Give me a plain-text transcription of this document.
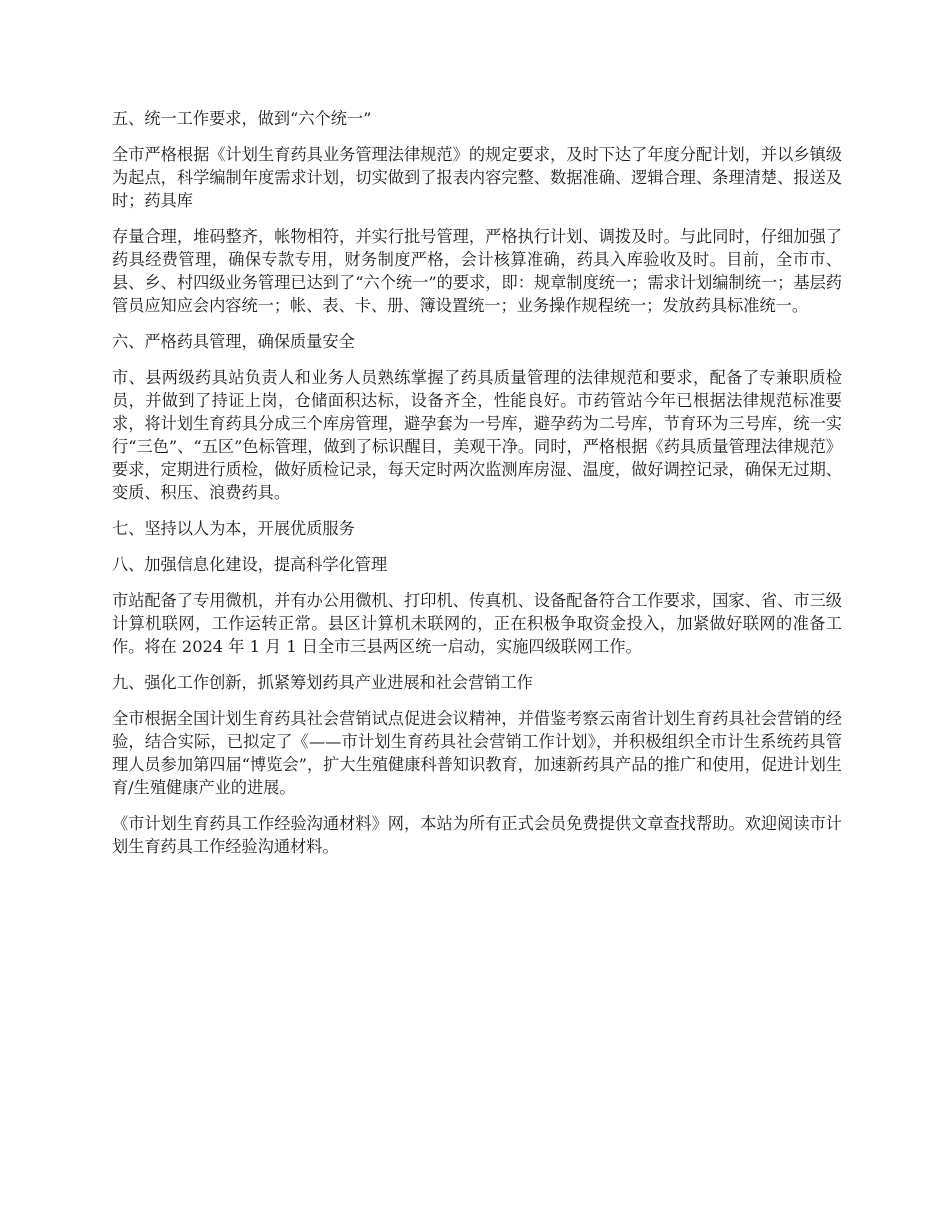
五、统一工作要求，做到“六个统一”

全市严格根据《计划生育药具业务管理法律规范》的规定要求，及时下达了年度分配计划，并以乡镇级为起点，科学编制年度需求计划，切实做到了报表内容完整、数据准确、逻辑合理、条理清楚、报送及时；药具库

存量合理，堆码整齐，帐物相符，并实行批号管理，严格执行计划、调拨及时。与此同时，仔细加强了药具经费管理，确保专款专用，财务制度严格，会计核算准确，药具入库验收及时。目前，全市市、县、乡、村四级业务管理已达到了“六个统一”的要求，即：规章制度统一；需求计划编制统一；基层药管员应知应会内容统一；帐、表、卡、册、簿设置统一；业务操作规程统一；发放药具标准统一。

六、严格药具管理，确保质量安全

市、县两级药具站负责人和业务人员熟练掌握了药具质量管理的法律规范和要求，配备了专兼职质检员，并做到了持证上岗，仓储面积达标，设备齐全，性能良好。市药管站今年已根据法律规范标准要求，将计划生育药具分成三个库房管理，避孕套为一号库，避孕药为二号库，节育环为三号库，统一实行“三色”、“五区”色标管理，做到了标识醒目，美观干净。同时，严格根据《药具质量管理法律规范》要求，定期进行质检，做好质检记录，每天定时两次监测库房湿、温度，做好调控记录，确保无过期、变质、积压、浪费药具。

七、坚持以人为本，开展优质服务

八、加强信息化建设，提高科学化管理

市站配备了专用微机，并有办公用微机、打印机、传真机、设备配备符合工作要求，国家、省、市三级计算机联网，工作运转正常。县区计算机未联网的，正在积极争取资金投入，加紧做好联网的准备工作。将在 2024 年 1 月 1 日全市三县两区统一启动，实施四级联网工作。

九、强化工作创新，抓紧筹划药具产业进展和社会营销工作

全市根据全国计划生育药具社会营销试点促进会议精神，并借鉴考察云南省计划生育药具社会营销的经验，结合实际，已拟定了《——市计划生育药具社会营销工作计划》，并积极组织全市计生系统药具管理人员参加第四届“博览会”，扩大生殖健康科普知识教育，加速新药具产品的推广和使用，促进计划生育/生殖健康产业的进展。

《市计划生育药具工作经验沟通材料》网，本站为所有正式会员免费提供文章查找帮助。欢迎阅读市计划生育药具工作经验沟通材料。
